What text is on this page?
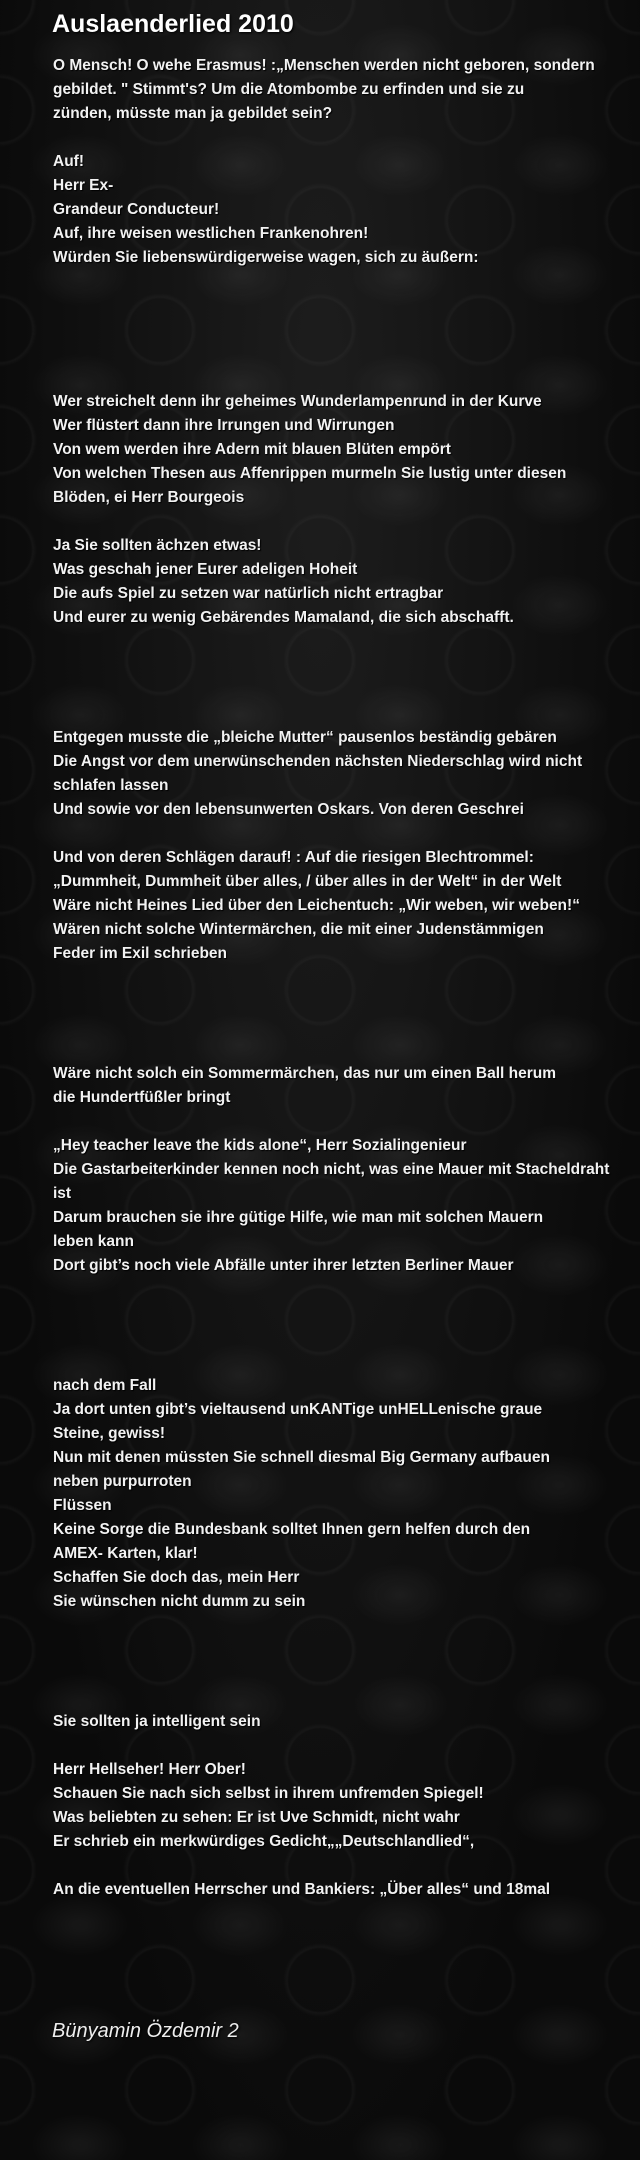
Auslaenderlied 2010
O Mensch! O wehe Erasmus! :„Menschen werden nicht geboren, sondern
gebildet. " Stimmt's? Um die Atombombe zu erfinden und sie zu
zünden, müsste man ja gebildet sein?
Auf!
Herr Ex-
Grandeur Conducteur!
Auf, ihre weisen westlichen Frankenohren!
Würden Sie liebenswürdigerweise wagen, sich zu äußern:
Wer streichelt denn ihr geheimes Wunderlampenrund in der Kurve
Wer flüstert dann ihre Irrungen und Wirrungen
Von wem werden ihre Adern mit blauen Blüten empört
Von welchen Thesen aus Affenrippen murmeln Sie lustig unter diesen
Blöden, ei Herr Bourgeois
Ja Sie sollten ächzen etwas!
Was geschah jener Eurer adeligen Hoheit
Die aufs Spiel zu setzen war natürlich nicht ertragbar
Und eurer zu wenig Gebärendes Mamaland, die sich abschafft.
Entgegen musste die „bleiche Mutter“ pausenlos beständig gebären
Die Angst vor dem unerwünschenden nächsten Niederschlag wird nicht
schlafen lassen
Und sowie vor den lebensunwerten Oskars. Von deren Geschrei
Und von deren Schlägen darauf! : Auf die riesigen Blechtrommel:
„Dummheit, Dummheit über alles, / über alles in der Welt“ in der Welt
Wäre nicht Heines Lied über den Leichentuch: „Wir weben, wir weben!“
Wären nicht solche Wintermärchen, die mit einer Judenstämmigen
Feder im Exil schrieben
Wäre nicht solch ein Sommermärchen, das nur um einen Ball herum
die Hundertfüßler bringt
„Hey teacher leave the kids alone“, Herr Sozialingenieur
Die Gastarbeiterkinder kennen noch nicht, was eine Mauer mit Stacheldraht
ist
Darum brauchen sie ihre gütige Hilfe, wie man mit solchen Mauern
leben kann
Dort gibt’s noch viele Abfälle unter ihrer letzten Berliner Mauer
nach dem Fall
Ja dort unten gibt’s vieltausend unKANTige unHELLenische graue
Steine, gewiss!
Nun mit denen müssten Sie schnell diesmal Big Germany aufbauen
neben purpurroten
Flüssen
Keine Sorge die Bundesbank solltet Ihnen gern helfen durch den
AMEX- Karten, klar!
Schaffen Sie doch das, mein Herr
Sie wünschen nicht dumm zu sein
Sie sollten ja intelligent sein
Herr Hellseher! Herr Ober!
Schauen Sie nach sich selbst in ihrem unfremden Spiegel!
Was beliebten zu sehen: Er ist Uve Schmidt, nicht wahr
Er schrieb ein merkwürdiges Gedicht„„Deutschlandlied“,
An die eventuellen Herrscher und Bankiers: „Über alles“ und 18mal
Bünyamin Özdemir 2
